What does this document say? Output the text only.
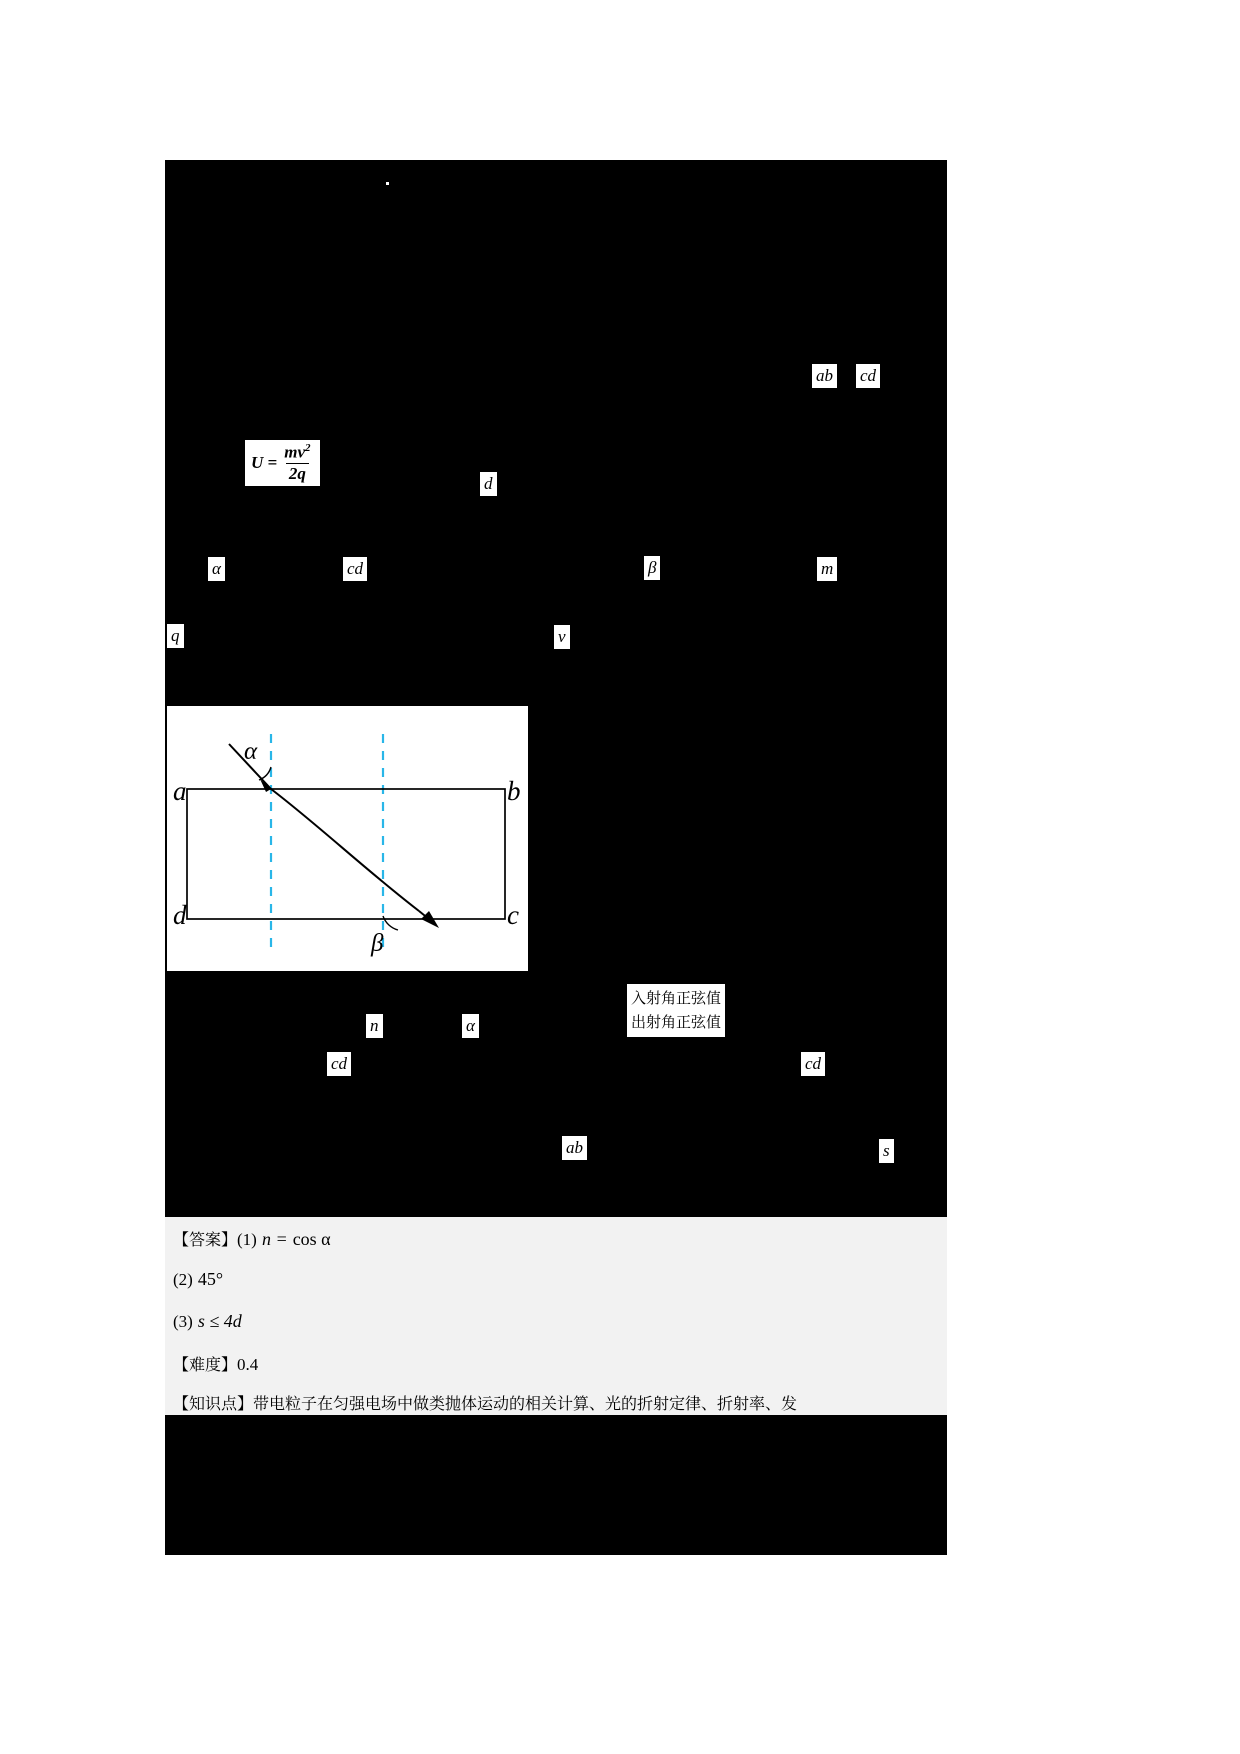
ab cd
d
α	cd	β	m
q	v
n	α
cd	cd
ab	s
$U = \frac{mv^2}{2q}$
入射角正弦值
出射角正弦值
a	b
c
d
α
β
【答案】(1) n = cos α
(2) 45°
(3) s ≤ 4d
【难度】0.4
【知识点】带电粒子在匀强电场中做类抛体运动的相关计算、光的折射定律、折射率、发
